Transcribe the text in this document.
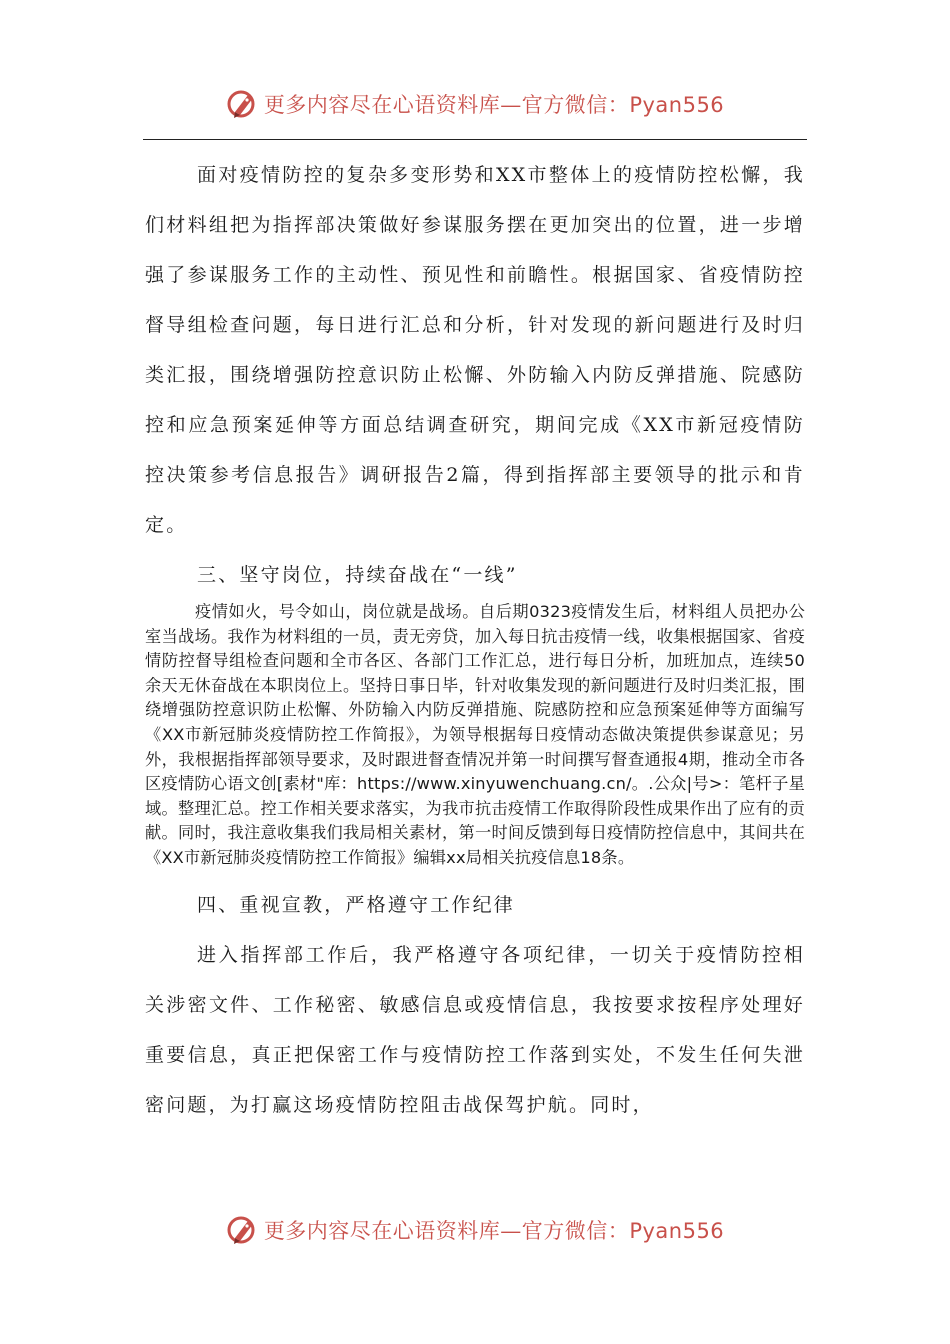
更多内容尽在心语资料库—官方微信：Pyan556

面对疫情防控的复杂多变形势和XX市整体上的疫情防控松懈，我们材料组把为指挥部决策做好参谋服务摆在更加突出的位置，进一步增强了参谋服务工作的主动性、预见性和前瞻性。根据国家、省疫情防控督导组检查问题，每日进行汇总和分析，针对发现的新问题进行及时归类汇报，围绕增强防控意识防止松懈、外防输入内防反弹措施、院感防控和应急预案延伸等方面总结调查研究，期间完成《XX市新冠疫情防控决策参考信息报告》调研报告2篇，得到指挥部主要领导的批示和肯定。

三、坚守岗位，持续奋战在“一线”

疫情如火，号令如山，岗位就是战场。自后期0323疫情发生后，材料组人员把办公室当战场。我作为材料组的一员，责无旁贷，加入每日抗击疫情一线，收集根据国家、省疫情防控督导组检查问题和全市各区、各部门工作汇总，进行每日分析，加班加点，连续50余天无休奋战在本职岗位上。坚持日事日毕，针对收集发现的新问题进行及时归类汇报，围绕增强防控意识防止松懈、外防输入内防反弹措施、院感防控和应急预案延伸等方面编写《XX市新冠肺炎疫情防控工作简报》，为领导根据每日疫情动态做决策提供参谋意见；另外，我根据指挥部领导要求，及时跟进督查情况并第一时间撰写督查通报4期，推动全市各区疫情防心语文创[素材"库：https://www.xinyuwenchuang.cn/。.公众|号>：笔杆子星域。整理汇总。控工作相关要求落实，为我市抗击疫情工作取得阶段性成果作出了应有的贡献。同时，我注意收集我们我局相关素材，第一时间反馈到每日疫情防控信息中，其间共在《XX市新冠肺炎疫情防控工作简报》编辑xx局相关抗疫信息18条。

四、重视宣教，严格遵守工作纪律

进入指挥部工作后，我严格遵守各项纪律，一切关于疫情防控相关涉密文件、工作秘密、敏感信息或疫情信息，我按要求按程序处理好重要信息，真正把保密工作与疫情防控工作落到实处，不发生任何失泄密问题，为打赢这场疫情防控阻击战保驾护航。同时，

更多内容尽在心语资料库—官方微信：Pyan556
